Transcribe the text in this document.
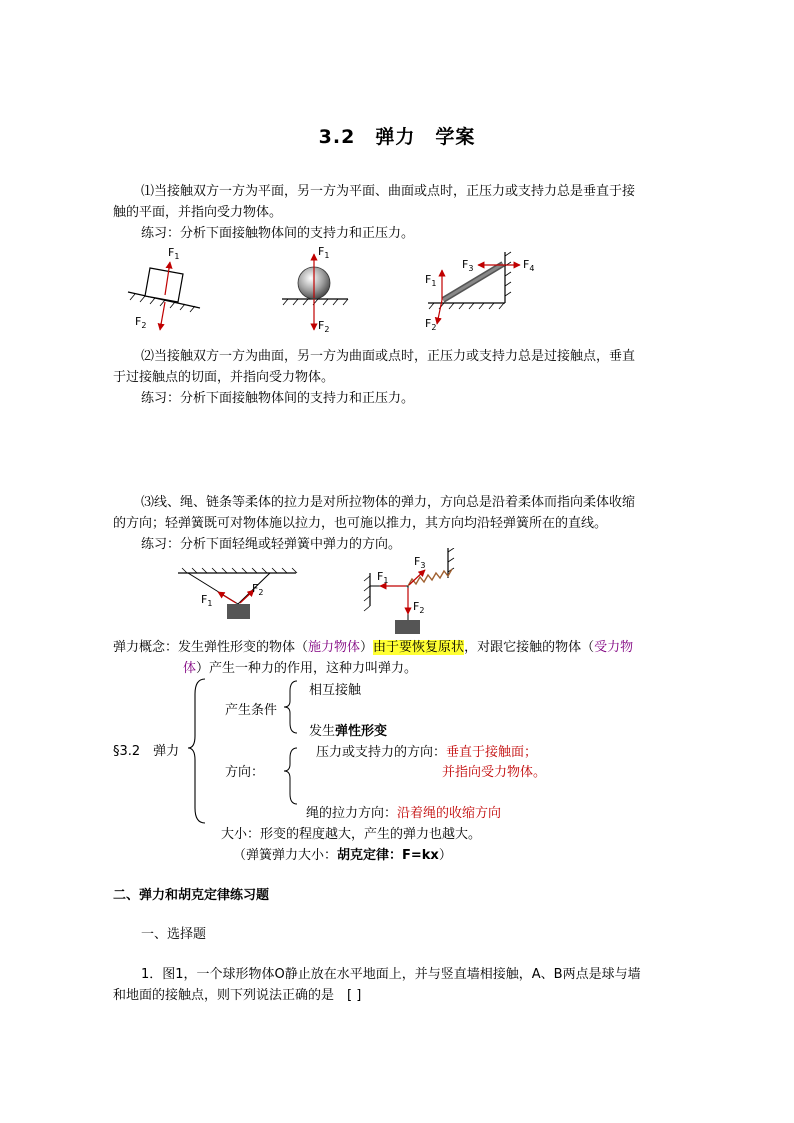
3.2　弹力　学案
⑴当接触双方一方为平面，另一方为平面、曲面或点时，正压力或支持力总是垂直于接
触的平面，并指向受力物体。
练习：分析下面接触物体间的支持力和正压力。
$F_1$
$F_2$
$F_1$
$F_2$
$F_1$
$F_2$
$F_3$	$F_4$
⑵当接触双方一方为曲面，另一方为曲面或点时，正压力或支持力总是过接触点，垂直
于过接触点的切面，并指向受力物体。
练习：分析下面接触物体间的支持力和正压力。
⑶线、绳、链条等柔体的拉力是对所拉物体的弹力，方向总是沿着柔体而指向柔体收缩
的方向；轻弹簧既可对物体施以拉力，也可施以推力，其方向均沿轻弹簧所在的直线。
练习：分析下面轻绳或轻弹簧中弹力的方向。
$F_1$
$F_2$
$F_1$
$F_3$
$F_2$
弹力概念：发生弹性形变的物体（施力物体）由于要恢复原状，对跟它接触的物体（受力物
体）产生一种力的作用，这种力叫弹力。
§3.2　弹力
产生条件
相互接触
发生弹性形变
方向：
压力或支持力的方向：垂直于接触面；
并指向受力物体。
绳的拉力方向：沿着绳的收缩方向
大小：形变的程度越大，产生的弹力也越大。
（弹簧弹力大小：胡克定律：F=kx）
二、弹力和胡克定律练习题
一、选择题
1．图1，一个球形物体O静止放在水平地面上，并与竖直墙相接触，A、B两点是球与墙
和地面的接触点，则下列说法正确的是　[ ]
